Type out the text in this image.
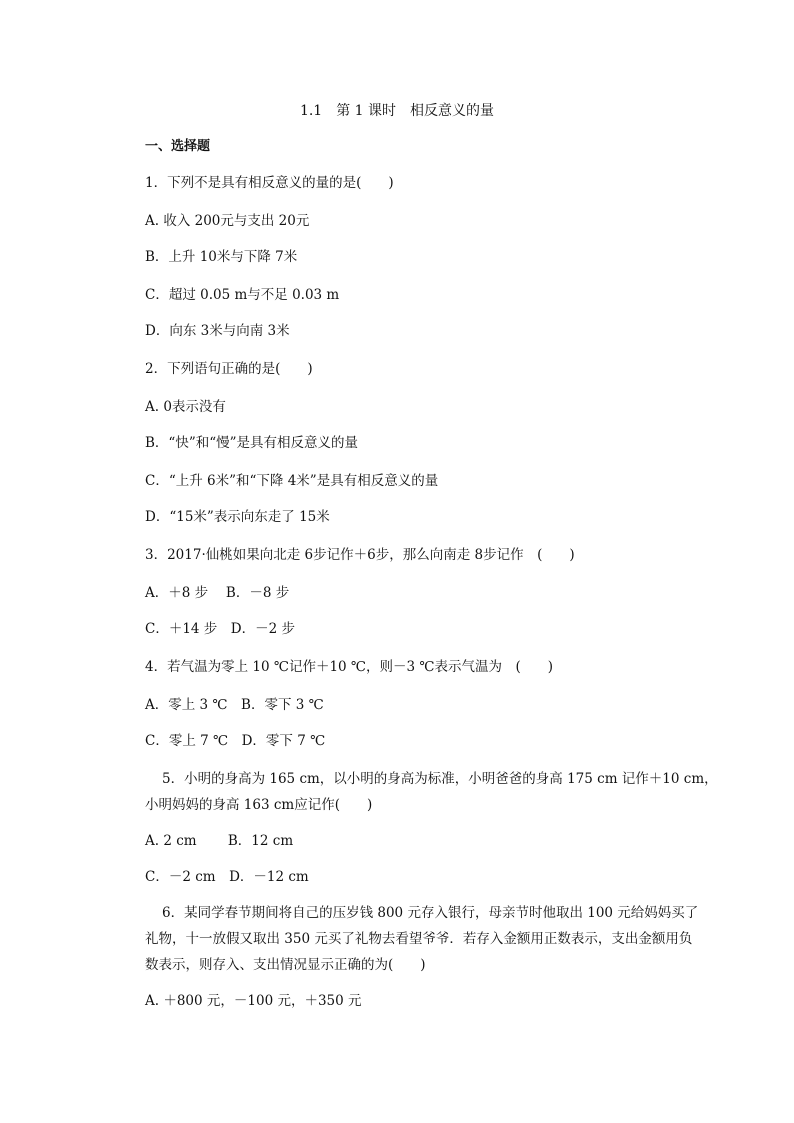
1.1　第 1 课时　相反意义的量
一、选择题
1．下列不是具有相反意义的量的是(　　)
A. 收入 200元与支出 20元
B．上升 10米与下降 7米
C．超过 0.05 m与不足 0.03 m
D．向东 3米与向南 3米
2．下列语句正确的是(　　)
A. 0表示没有
B．“快”和“慢”是具有相反意义的量
C．“上升 6米”和“下降 4米”是具有相反意义的量
D．“15米”表示向东走了 15米
3．2017·仙桃如果向北走 6步记作＋6步，那么向南走 8步记作　(　　)
A．＋8 步　 B．－8 步
C．＋14 步　D．－2 步
4．若气温为零上 10 ℃记作＋10 ℃，则－3 ℃表示气温为　(　　)
A．零上 3 ℃　B．零下 3 ℃
C．零上 7 ℃　D．零下 7 ℃
5．小明的身高为 165 cm，以小明的身高为标准，小明爸爸的身高 175 cm 记作＋10 cm，
小明妈妈的身高 163 cm应记作(　　)
A. 2 cm　　 B．12 cm
C．－2 cm　D．－12 cm
6．某同学春节期间将自己的压岁钱 800 元存入银行，母亲节时他取出 100 元给妈妈买了
礼物，十一放假又取出 350 元买了礼物去看望爷爷．若存入金额用正数表示，支出金额用负
数表示，则存入、支出情况显示正确的为(　　)
A. ＋800 元，－100 元，＋350 元
